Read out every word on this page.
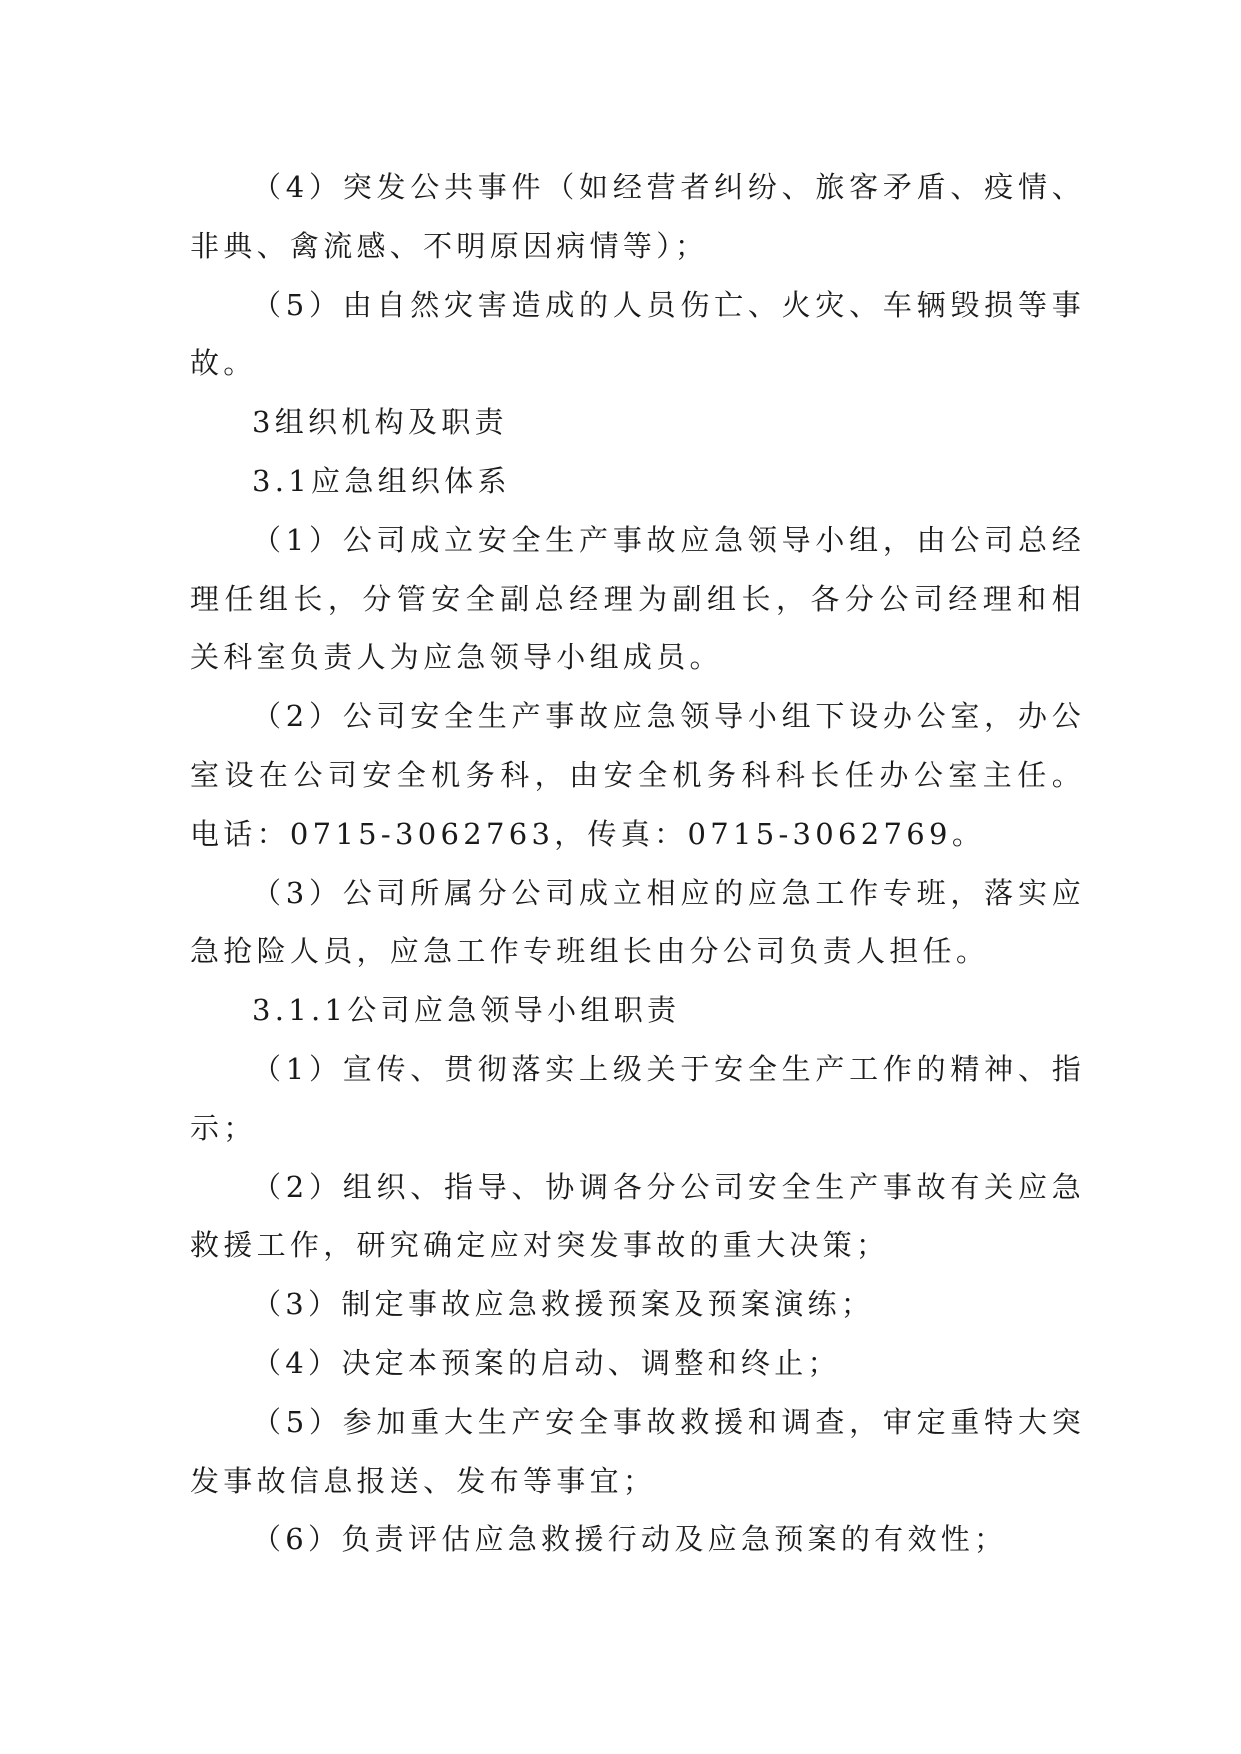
（4）突发公共事件（如经营者纠纷、旅客矛盾、疫情、非典、禽流感、不明原因病情等）；

（5）由自然灾害造成的人员伤亡、火灾、车辆毁损等事故。

3组织机构及职责

3.1应急组织体系

（1）公司成立安全生产事故应急领导小组，由公司总经理任组长，分管安全副总经理为副组长，各分公司经理和相关科室负责人为应急领导小组成员。

（2）公司安全生产事故应急领导小组下设办公室，办公室设在公司安全机务科，由安全机务科科长任办公室主任。电话：0715-3062763，传真：0715-3062769。

（3）公司所属分公司成立相应的应急工作专班，落实应急抢险人员，应急工作专班组长由分公司负责人担任。

3.1.1公司应急领导小组职责

（1）宣传、贯彻落实上级关于安全生产工作的精神、指示；

（2）组织、指导、协调各分公司安全生产事故有关应急救援工作，研究确定应对突发事故的重大决策；

（3）制定事故应急救援预案及预案演练；

（4）决定本预案的启动、调整和终止；

（5）参加重大生产安全事故救援和调查，审定重特大突发事故信息报送、发布等事宜；

（6）负责评估应急救援行动及应急预案的有效性；
